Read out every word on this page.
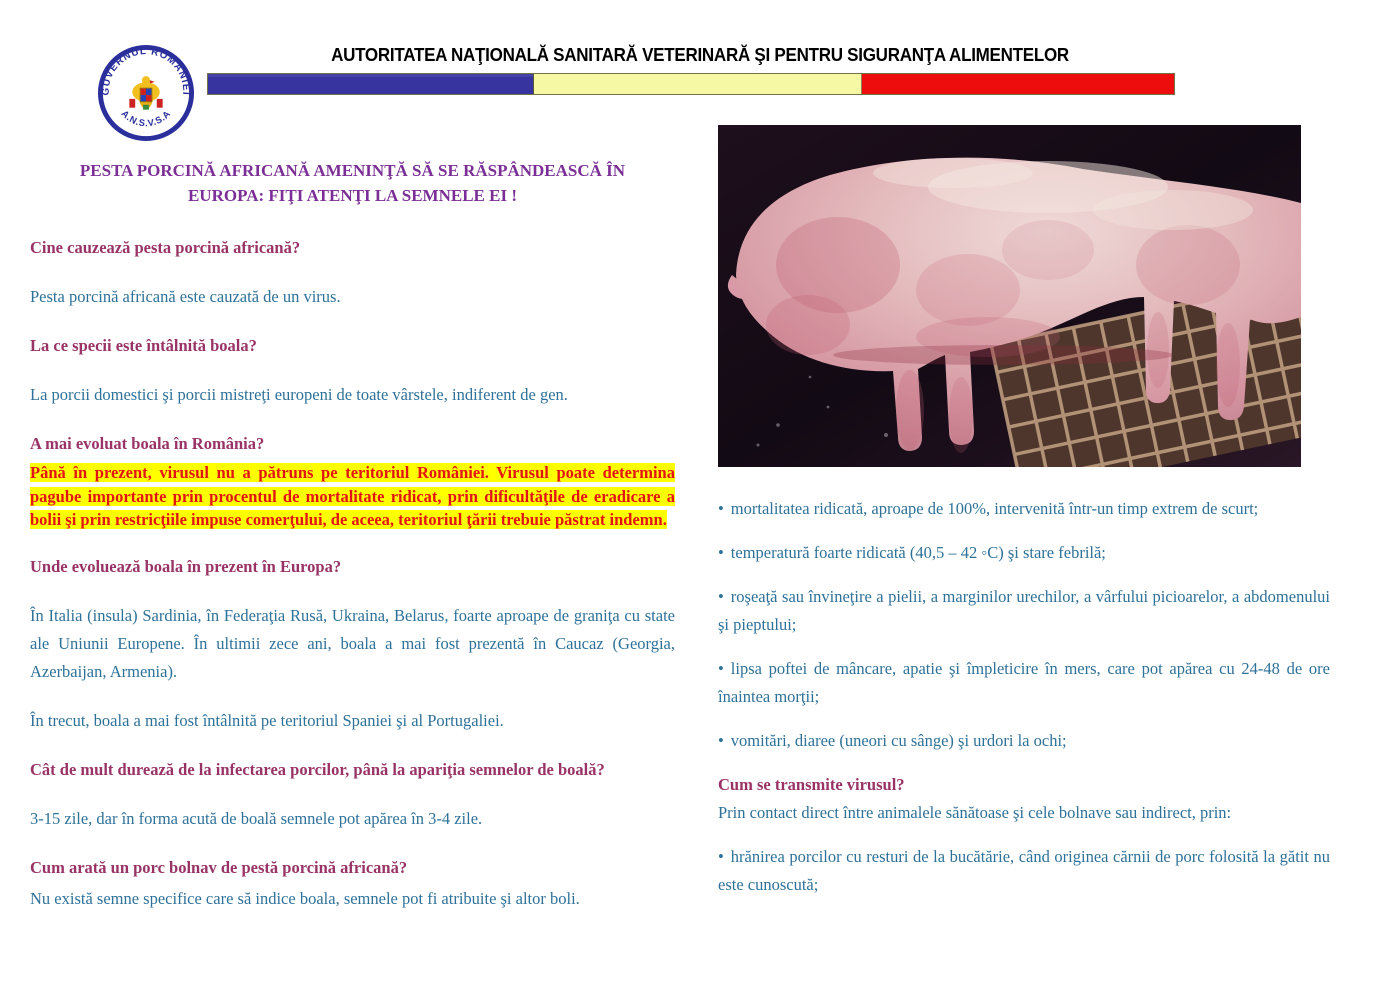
GUVERNUL ROMÂNIEI
A.N.S.V.S.A
AUTORITATEA NAŢIONALĂ SANITARĂ VETERINARĂ ŞI PENTRU SIGURANŢA ALIMENTELOR
PESTA PORCINĂ AFRICANĂ AMENINŢĂ SĂ SE RĂSPÂNDEASCĂ ÎN EUROPA: FIŢI ATENŢI LA SEMNELE EI !

Cine cauzează pesta porcină africană?

Pesta porcină africană este cauzată de un virus.

La ce specii este întâlnită boala?

La porcii domestici şi porcii mistreţi europeni de toate vârstele, indiferent de gen.

A mai evoluat boala în România?

Până în prezent, virusul nu a pătruns pe teritoriul României. Virusul poate determina pagube importante prin procentul de mortalitate ridicat, prin dificultăţile de eradicare a bolii şi prin restricţiile impuse comerţului, de aceea, teritoriul ţării trebuie păstrat indemn.

Unde evoluează boala în prezent în Europa?

În Italia (insula) Sardinia, în Federaţia Rusă, Ukraina, Belarus, foarte aproape de graniţa cu state ale Uniunii Europene. În ultimii zece ani, boala a mai fost prezentă în Caucaz (Georgia, Azerbaijan, Armenia).

În trecut, boala a mai fost întâlnită pe teritoriul Spaniei şi al Portugaliei.

Cât de mult durează de la infectarea porcilor, până la apariţia semnelor de boală?

3-15 zile, dar în forma acută de boală semnele pot apărea în 3-4 zile.

Cum arată un porc bolnav de pestă porcină africană?

Nu există semne specifice care să indice boala, semnele pot fi atribuite şi altor boli.

• mortalitatea ridicată, aproape de 100%, intervenită într-un timp extrem de scurt;

• temperatură foarte ridicată (40,5 – 42 ◦C) şi stare febrilă;

• roşeaţă sau învineţire a pielii, a marginilor urechilor, a vârfului picioarelor, a abdomenului şi pieptului;

• lipsa poftei de mâncare, apatie şi împleticire în mers, care pot apărea cu 24-48 de ore înaintea morţii;

• vomitări, diaree (uneori cu sânge) şi urdori la ochi;

Cum se transmite virusul?

Prin contact direct între animalele sănătoase şi cele bolnave sau indirect, prin:

• hrănirea porcilor cu resturi de la bucătărie, când originea cărnii de porc folosită la gătit nu este cunoscută;
